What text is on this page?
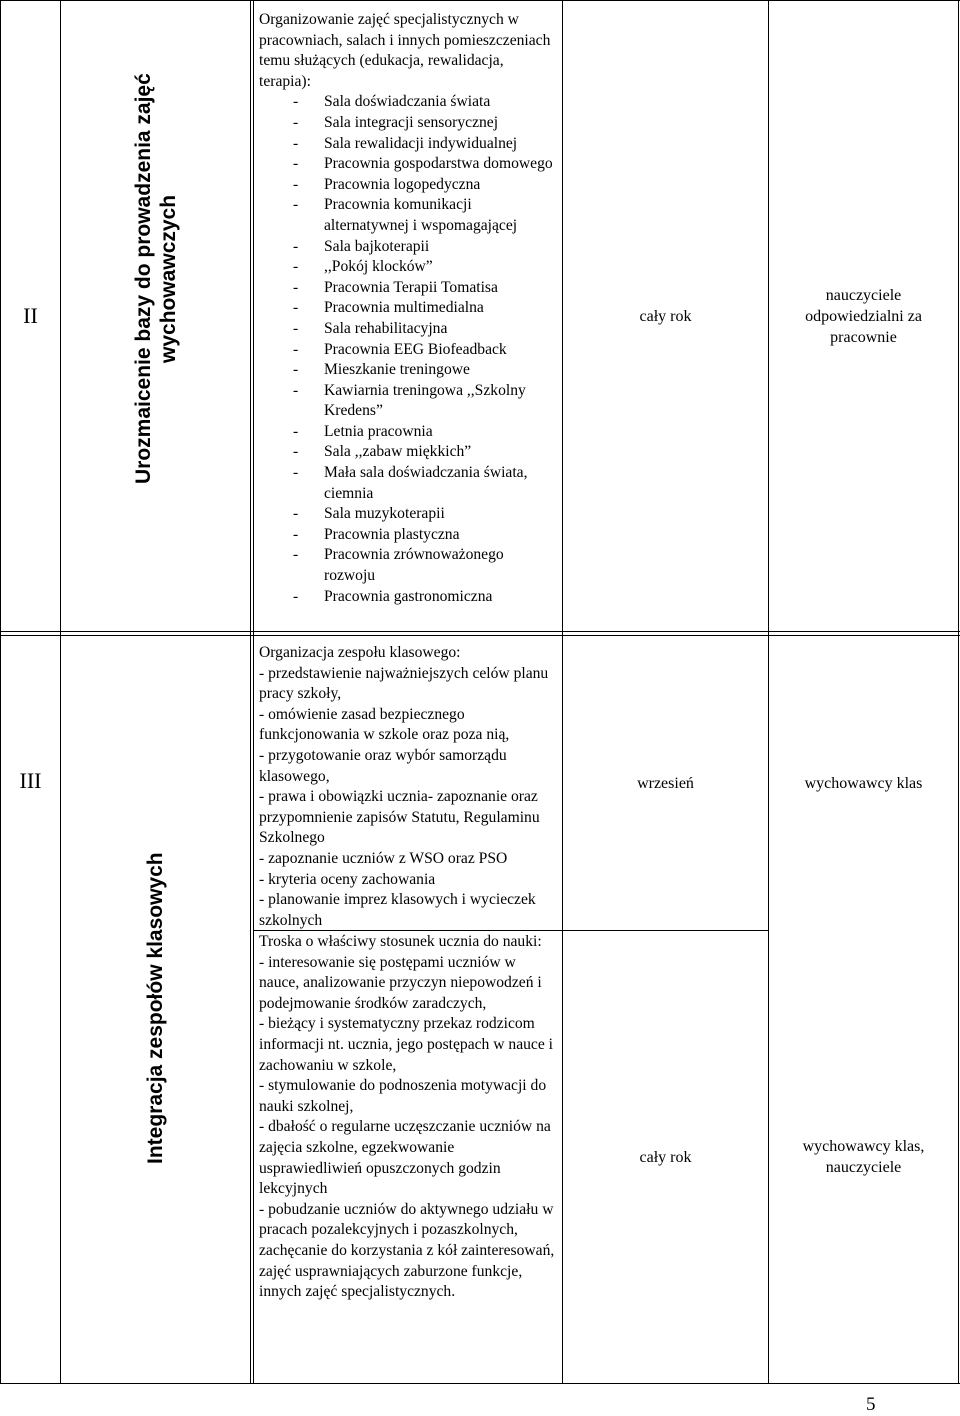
II	Urozmaicenie bazy do prowadzenia zajęć wychowawczych
Organizowanie zajęć specjalistycznych w pracowniach, salach i innych pomieszczeniach temu służących (edukacja, rewalidacja, terapia):
- Sala doświadczania świata
- Sala integracji sensorycznej
- Sala rewalidacji indywidualnej
- Pracownia gospodarstwa domowego
- Pracownia logopedyczna
- Pracownia komunikacji alternatywnej i wspomagającej
- Sala bajkoterapii
- ,,Pokój klocków”
- Pracownia Terapii Tomatisa
- Pracownia multimedialna
- Sala rehabilitacyjna
- Pracownia EEG Biofeadback
- Mieszkanie treningowe
- Kawiarnia treningowa ,,Szkolny Kredens”
- Letnia pracownia
- Sala ,,zabaw miękkich”
- Mała sala doświadczania świata, ciemnia
- Sala muzykoterapii
- Pracownia plastyczna
- Pracownia zrównoważonego rozwoju
- Pracownia gastronomiczna
cały rok
nauczyciele odpowiedzialni za pracownie
III
Integracja zespołów klasowych
Organizacja zespołu klasowego:
- przedstawienie najważniejszych celów planu pracy szkoły,
- omówienie zasad bezpiecznego funkcjonowania w szkole oraz poza nią,
- przygotowanie oraz wybór samorządu klasowego,
- prawa i obowiązki ucznia- zapoznanie oraz przypomnienie zapisów Statutu, Regulaminu Szkolnego
- zapoznanie uczniów z WSO oraz PSO
- kryteria oceny zachowania
- planowanie imprez klasowych i wycieczek szkolnych
Troska o właściwy stosunek ucznia do nauki:
- interesowanie się postępami uczniów w nauce, analizowanie przyczyn niepowodzeń i podejmowanie środków zaradczych,
- bieżący i systematyczny przekaz rodzicom informacji nt. ucznia, jego postępach w nauce i zachowaniu w szkole,
- stymulowanie do podnoszenia motywacji do nauki szkolnej,
- dbałość o regularne uczęszczanie uczniów na zajęcia szkolne, egzekwowanie usprawiedliwień opuszczonych godzin lekcyjnych
- pobudzanie uczniów do aktywnego udziału w pracach pozalekcyjnych i pozaszkolnych, zachęcanie do korzystania z kół zainteresowań, zajęć usprawniających zaburzone funkcje, innych zajęć specjalistycznych.
wrzesień	wychowawcy klas
cały rok
wychowawcy klas, nauczyciele
5
